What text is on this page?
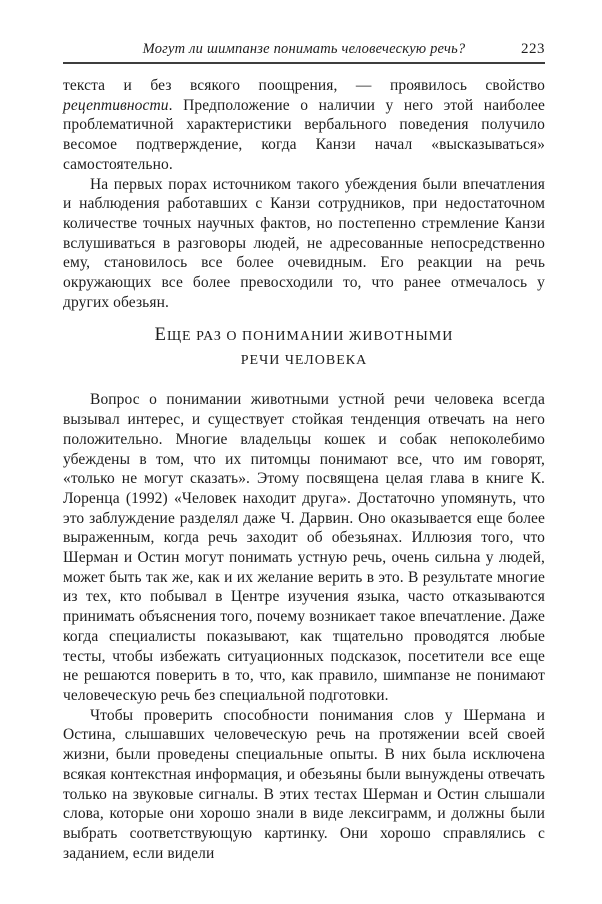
Могут ли шимпанзе понимать человеческую речь?	223

текста и без всякого поощрения, — проявилось свойство рецептивности. Предположение о наличии у него этой наиболее проблематичной характеристики вербального поведения получило весомое подтверждение, когда Канзи начал «высказываться» самостоятельно.

На первых порах источником такого убеждения были впечатления и наблюдения работавших с Канзи сотрудников, при недостаточном количестве точных научных фактов, но постепенно стремление Канзи вслушиваться в разговоры людей, не адресованные непосредственно ему, становилось все более очевидным. Его реакции на речь окружающих все более превосходили то, что ранее отмечалось у других обезьян.

ЕЩЕ РАЗ О ПОНИМАНИИ ЖИВОТНЫМИ
РЕЧИ ЧЕЛОВЕКА

Вопрос о понимании животными устной речи человека всегда вызывал интерес, и существует стойкая тенденция отвечать на него положительно. Многие владельцы кошек и собак непоколебимо убеждены в том, что их питомцы понимают все, что им говорят, «только не могут сказать». Этому посвящена целая глава в книге К. Лоренца (1992) «Человек находит друга». Достаточно упомянуть, что это заблуждение разделял даже Ч. Дарвин. Оно оказывается еще более выраженным, когда речь заходит об обезьянах. Иллюзия того, что Шерман и Остин могут понимать устную речь, очень сильна у людей, может быть так же, как и их желание верить в это. В результате многие из тех, кто побывал в Центре изучения языка, часто отказываются принимать объяснения того, почему возникает такое впечатление. Даже когда специалисты показывают, как тщательно проводятся любые тесты, чтобы избежать ситуационных подсказок, посетители все еще не решаются поверить в то, что, как правило, шимпанзе не понимают человеческую речь без специальной подготовки.

Чтобы проверить способности понимания слов у Шермана и Остина, слышавших человеческую речь на протяжении всей своей жизни, были проведены специальные опыты. В них была исключена всякая контекстная информация, и обезьяны были вынуждены отвечать только на звуковые сигналы. В этих тестах Шерман и Остин слышали слова, которые они хорошо знали в виде лексиграмм, и должны были выбрать соответствующую картинку. Они хорошо справлялись с заданием, если видели
